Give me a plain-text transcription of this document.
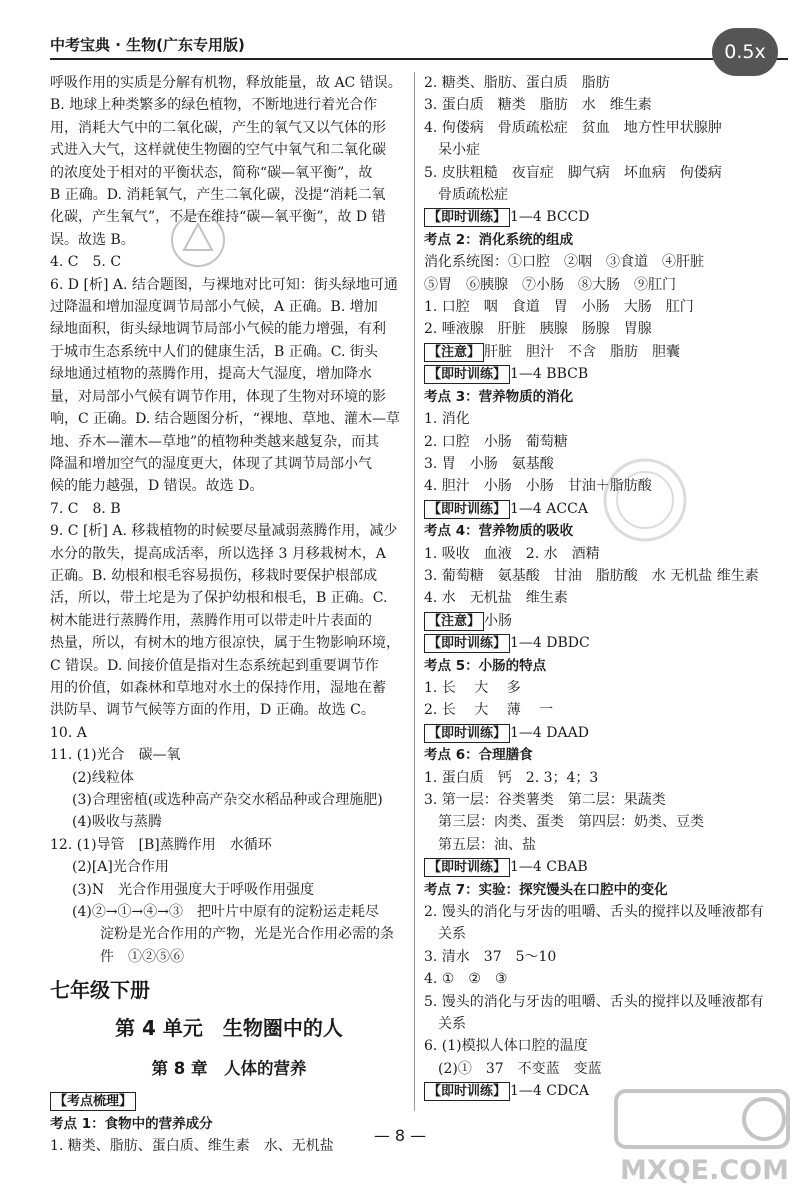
中考宝典 · 生物(广东专用版)	0.5x
呼吸作用的实质是分解有机物，释放能量，故 AC 错误。
B. 地球上种类繁多的绿色植物，不断地进行着光合作
用，消耗大气中的二氧化碳，产生的氧气又以气体的形
式进入大气，这样就使生物圈的空气中氧气和二氧化碳
的浓度处于相对的平衡状态，简称“碳—氧平衡”，故
B 正确。D. 消耗氧气，产生二氧化碳，没提“消耗二氧
化碳，产生氧气”，不是在维持“碳—氧平衡”，故 D 错
误。故选 B。
4. C　5. C
6. D [析] A. 结合题图，与裸地对比可知：街头绿地可通
过降温和增加湿度调节局部小气候，A 正确。B. 增加
绿地面积，街头绿地调节局部小气候的能力增强，有利
于城市生态系统中人们的健康生活，B 正确。C. 街头
绿地通过植物的蒸腾作用，提高大气湿度，增加降水
量，对局部小气候有调节作用，体现了生物对环境的影
响，C 正确。D. 结合题图分析，“裸地、草地、灌木—草
地、乔木—灌木—草地”的植物种类越来越复杂，而其
降温和增加空气的湿度更大，体现了其调节局部小气
候的能力越强，D 错误。故选 D。
7. C　8. B
9. C [析] A. 移栽植物的时候要尽量减弱蒸腾作用，减少
水分的散失，提高成活率，所以选择 3 月移栽树木，A
正确。B. 幼根和根毛容易损伤，移栽时要保护根部成
活，所以，带土坨是为了保护幼根和根毛，B 正确。C.
树木能进行蒸腾作用，蒸腾作用可以带走叶片表面的
热量，所以，有树木的地方很凉快，属于生物影响环境，
C 错误。D. 间接价值是指对生态系统起到重要调节作
用的价值，如森林和草地对水土的保持作用，湿地在蓄
洪防旱、调节气候等方面的作用，D 正确。故选 C。
10. A
11. (1)光合　碳—氧
(2)线粒体
(3)合理密植(或选种高产杂交水稻品种或合理施肥)
(4)吸收与蒸腾
12. (1)导管　[B]蒸腾作用　水循环
(2)[A]光合作用
(3)N　光合作用强度大于呼吸作用强度
(4)②→①→④→③　把叶片中原有的淀粉运走耗尽
　　淀粉是光合作用的产物，光是光合作用必需的条
　　件　①②⑤⑥
七年级下册
第 4 单元　生物圈中的人
第 8 章　人体的营养
【考点梳理】
考点 1：食物中的营养成分
1. 糖类、脂肪、蛋白质、维生素　水、无机盐
2. 糖类、脂肪、蛋白质　脂肪
3. 蛋白质　糖类　脂肪　水　维生素
4. 佝偻病　骨质疏松症　贫血　地方性甲状腺肿
呆小症
5. 皮肤粗糙　夜盲症　脚气病　坏血病　佝偻病
骨质疏松症
【即时训练】 1—4 BCCD
考点 2：消化系统的组成
消化系统图：①口腔　②咽　③食道　④肝脏
⑤胃　⑥胰腺　⑦小肠　⑧大肠　⑨肛门
1. 口腔　咽　食道　胃　小肠　大肠　肛门
2. 唾液腺　肝脏　胰腺　肠腺　胃腺
【注意】 肝脏　胆汁　不含　脂肪　胆囊
【即时训练】 1—4 BBCB
考点 3：营养物质的消化
1. 消化
2. 口腔　小肠　葡萄糖
3. 胃　小肠　氨基酸
4. 胆汁　小肠　小肠　甘油＋脂肪酸
【即时训练】 1—4 ACCA
考点 4：营养物质的吸收
1. 吸收　血液　2. 水　酒精
3. 葡萄糖　氨基酸　甘油　脂肪酸　水 无机盐 维生素
4. 水　无机盐　维生素
【注意】 小肠
【即时训练】 1—4 DBDC
考点 5：小肠的特点
1. 长　 大　 多
2. 长　 大　 薄　 一
【即时训练】 1—4 DAAD
考点 6：合理膳食
1. 蛋白质　钙　2. 3；4；3
3. 第一层：谷类薯类　第二层：果蔬类
第三层：肉类、蛋类　第四层：奶类、豆类
第五层：油、盐
【即时训练】 1—4 CBAB
考点 7：实验：探究馒头在口腔中的变化
2. 馒头的消化与牙齿的咀嚼、舌头的搅拌以及唾液都有
关系
3. 清水　37　5～10
4. ①　②　③
5. 馒头的消化与牙齿的咀嚼、舌头的搅拌以及唾液都有
关系
6. (1)模拟人体口腔的温度
(2)①　37　不变蓝　变蓝
【即时训练】 1—4 CDCA
— 8 —
MXQE.COM
